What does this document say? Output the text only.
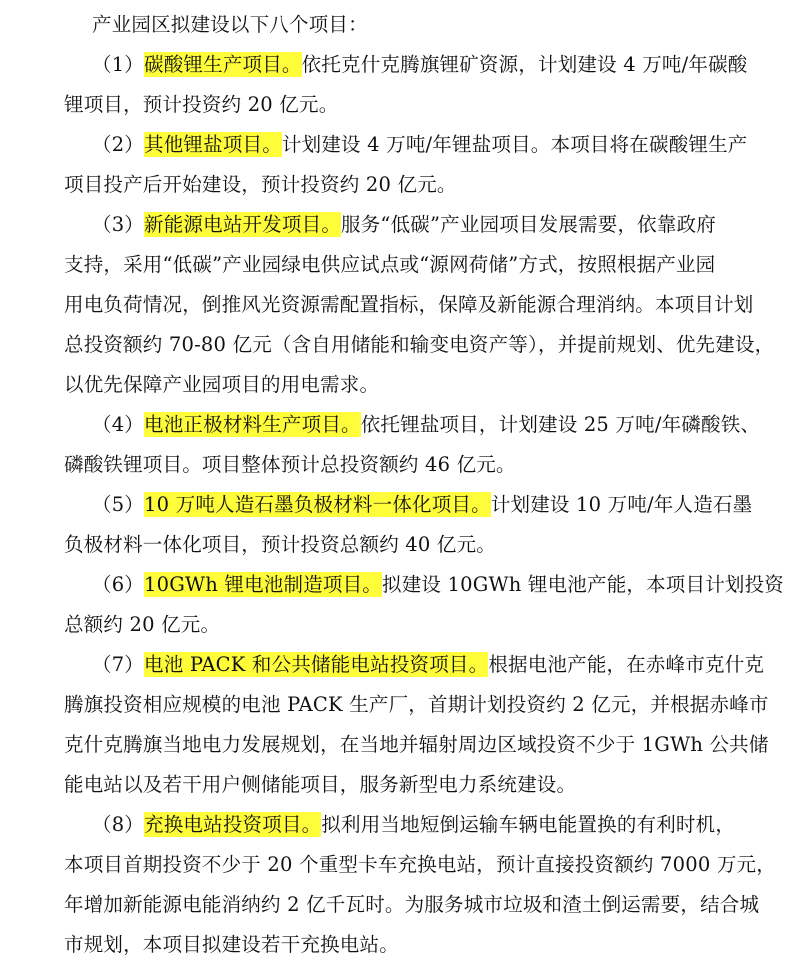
产业园区拟建设以下八个项目：
（1）碳酸锂生产项目。依托克什克腾旗锂矿资源，计划建设 4 万吨/年碳酸
锂项目，预计投资约 20 亿元。
（2）其他锂盐项目。计划建设 4 万吨/年锂盐项目。本项目将在碳酸锂生产
项目投产后开始建设，预计投资约 20 亿元。
（3）新能源电站开发项目。服务“低碳”产业园项目发展需要，依靠政府
支持，采用“低碳”产业园绿电供应试点或“源网荷储”方式，按照根据产业园
用电负荷情况，倒推风光资源需配置指标，保障及新能源合理消纳。本项目计划
总投资额约 70-80 亿元（含自用储能和输变电资产等），并提前规划、优先建设，
以优先保障产业园项目的用电需求。
（4）电池正极材料生产项目。依托锂盐项目，计划建设 25 万吨/年磷酸铁、
磷酸铁锂项目。项目整体预计总投资额约 46 亿元。
（5）10 万吨人造石墨负极材料一体化项目。计划建设 10 万吨/年人造石墨
负极材料一体化项目，预计投资总额约 40 亿元。
（6）10GWh 锂电池制造项目。拟建设 10GWh 锂电池产能，本项目计划投资
总额约 20 亿元。
（7）电池 PACK 和公共储能电站投资项目。根据电池产能，在赤峰市克什克
腾旗投资相应规模的电池 PACK 生产厂，首期计划投资约 2 亿元，并根据赤峰市
克什克腾旗当地电力发展规划，在当地并辐射周边区域投资不少于 1GWh 公共储
能电站以及若干用户侧储能项目，服务新型电力系统建设。
（8）充换电站投资项目。拟利用当地短倒运输车辆电能置换的有利时机，
本项目首期投资不少于 20 个重型卡车充换电站，预计直接投资额约 7000 万元，
年增加新能源电能消纳约 2 亿千瓦时。为服务城市垃圾和渣土倒运需要，结合城
市规划，本项目拟建设若干充换电站。
